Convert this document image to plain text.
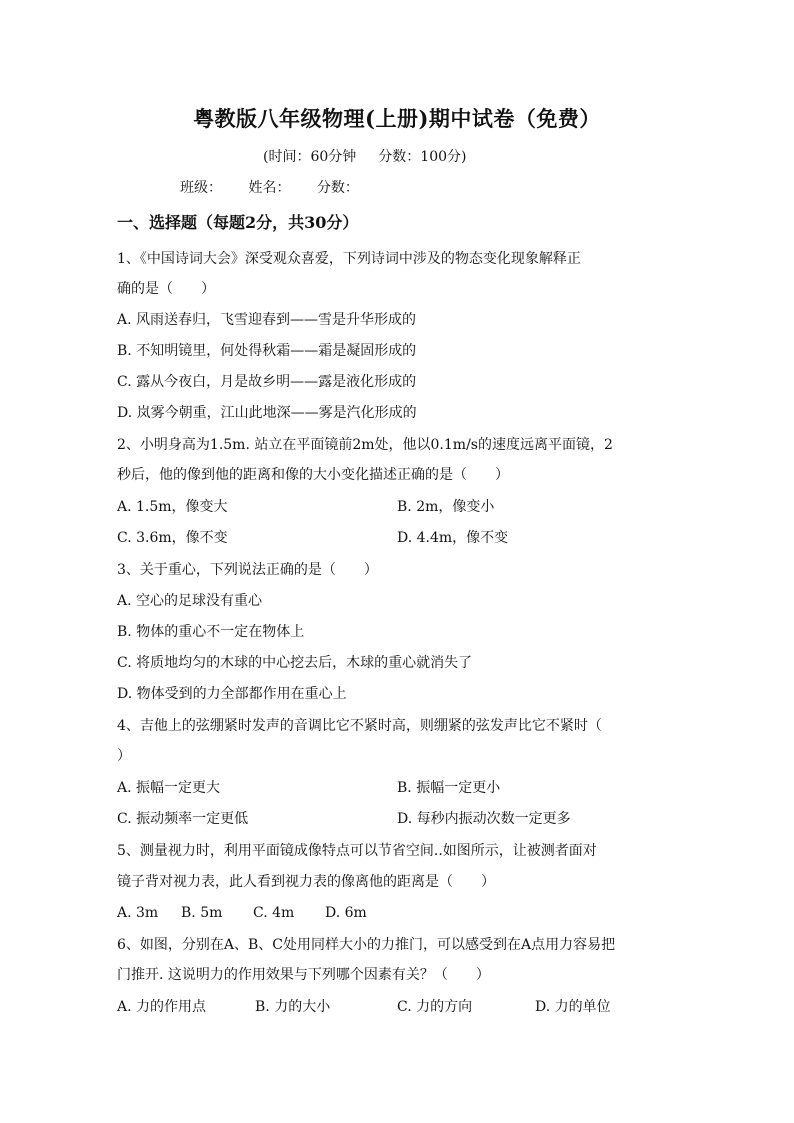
粤教版八年级物理(上册)期中试卷（免费）
(时间：60分钟 分数：100分)
班级： 姓名： 分数：
一、选择题（每题2分，共30分）
1、《中国诗词大会》深受观众喜爱，下列诗词中涉及的物态变化现象解释正
确的是（　　）
A. 风雨送春归，飞雪迎春到——雪是升华形成的
B. 不知明镜里，何处得秋霜——霜是凝固形成的
C. 露从今夜白，月是故乡明——露是液化形成的
D. 岚雾今朝重，江山此地深——雾是汽化形成的
2、小明身高为1.5m. 站立在平面镜前2m处，他以0.1m/s的速度远离平面镜，2
秒后，他的像到他的距离和像的大小变化描述正确的是（　　）
A. 1.5m，像变大	B. 2m，像变小
C. 3.6m，像不变	D. 4.4m，像不变
3、关于重心，下列说法正确的是（　　）
A. 空心的足球没有重心
B. 物体的重心不一定在物体上
C. 将质地均匀的木球的中心挖去后，木球的重心就消失了
D. 物体受到的力全部都作用在重心上
4、吉他上的弦绷紧时发声的音调比它不紧时高，则绷紧的弦发声比它不紧时（
）
A. 振幅一定更大	B. 振幅一定更小
C. 振动频率一定更低	D. 每秒内振动次数一定更多
5、测量视力时，利用平面镜成像特点可以节省空间..如图所示，让被测者面对
镜子背对视力表，此人看到视力表的像离他的距离是（　　）
A. 3m B. 5m C. 4m D. 6m
6、如图，分别在A、B、C处用同样大小的力推门，可以感受到在A点用力容易把
门推开. 这说明力的作用效果与下列哪个因素有关？（　　）
A. 力的作用点	B. 力的大小	C. 力的方向	D. 力的单位
